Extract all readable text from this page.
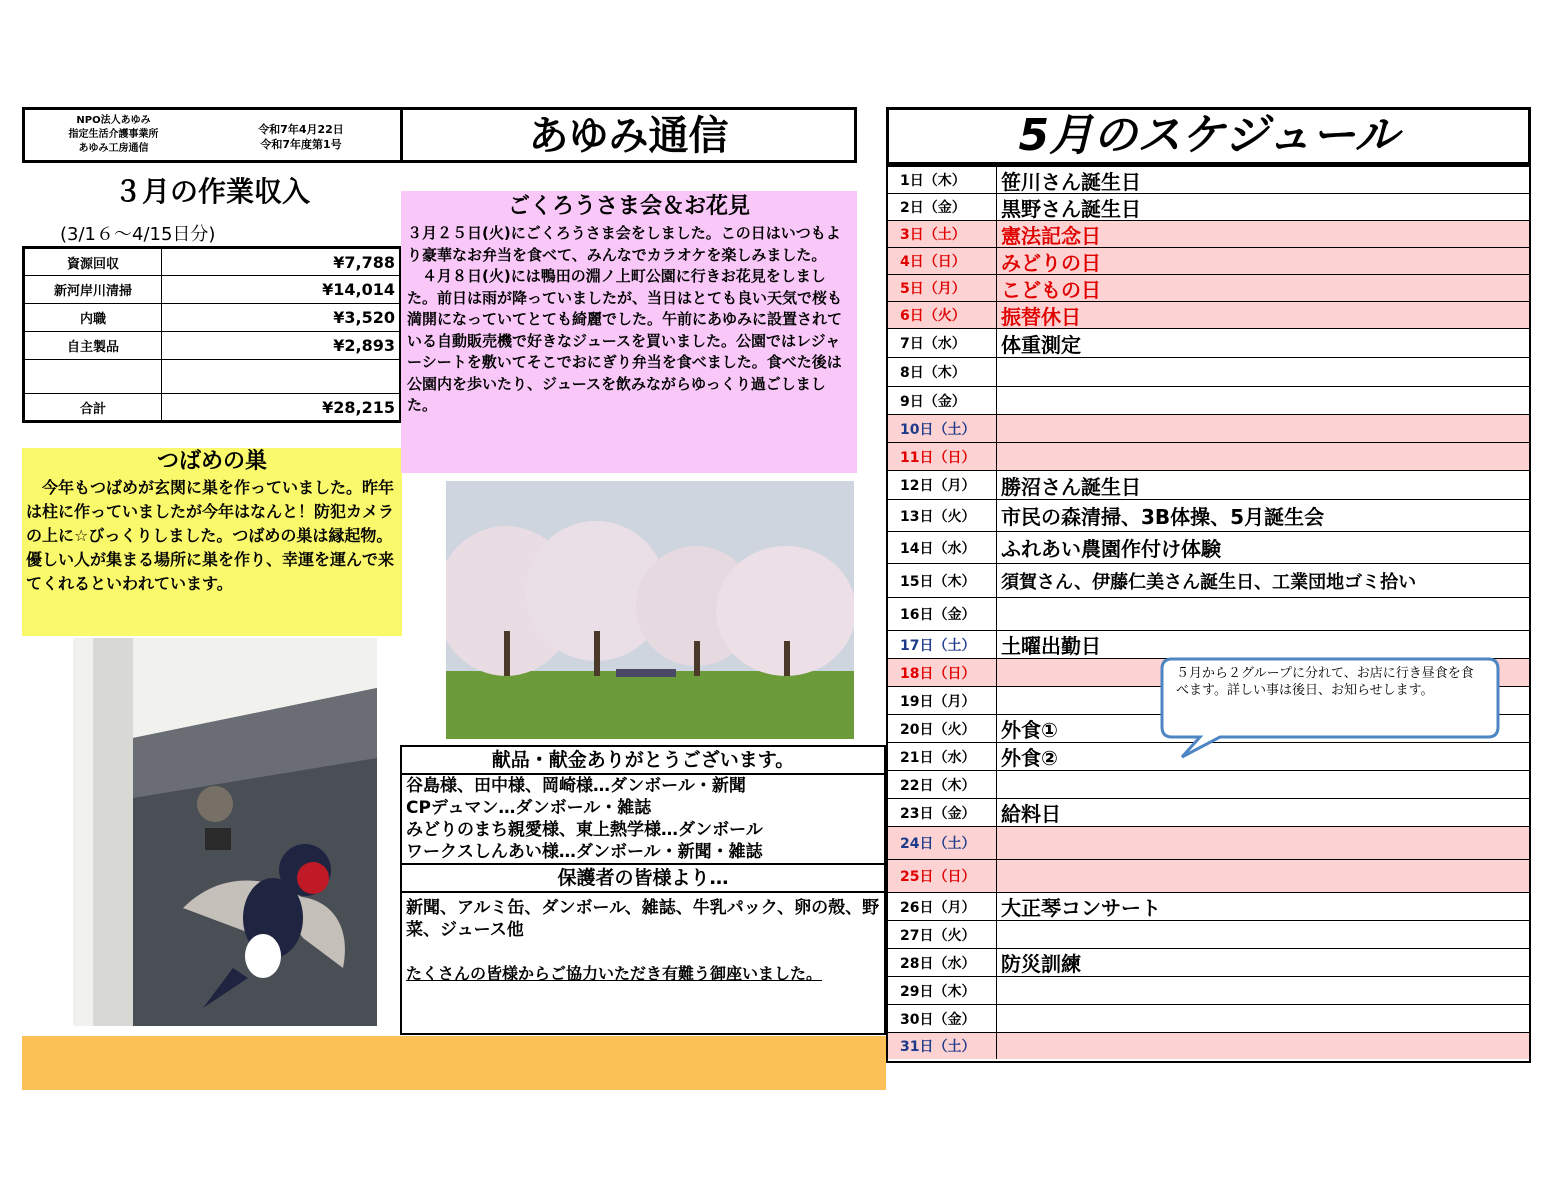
NPO法人あゆみ
指定生活介護事業所
あゆみ工房通信
令和7年4月22日
令和7年度第1号	あゆみ通信
３月の作業収入
(3/1６～4/15日分)
資源回収	¥7,788
新河岸川清掃	¥14,014
内職	¥3,520
自主製品	¥2,893

合計	¥28,215
つばめの巣
　今年もつばめが玄関に巣を作っていました。昨年は柱に作っていましたが今年はなんと！防犯カメラの上に☆びっくりしました。つばめの巣は縁起物。優しい人が集まる場所に巣を作り、幸運を運んで来てくれるといわれています。
ごくろうさま会＆お花見
３月２５日(火)にごくろうさま会をしました。この日はいつもより豪華なお弁当を食べて、みんなでカラオケを楽しみました。
　４月８日(火)には鴨田の淵ノ上町公園に行きお花見をしました。前日は雨が降っていましたが、当日はとても良い天気で桜も満開になっていてとても綺麗でした。午前にあゆみに設置されている自動販売機で好きなジュースを買いました。公園ではレジャーシートを敷いてそこでおにぎり弁当を食べました。食べた後は公園内を歩いたり、ジュースを飲みながらゆっくり過ごしました。
献品・献金ありがとうございます。
谷島様、田中様、岡崎様…ダンボール・新聞
CPデュマン…ダンボール・雑誌
みどりのまち親愛様、東上熱学様…ダンボール
ワークスしんあい様…ダンボール・新聞・雑誌
保護者の皆様より…
新聞、アルミ缶、ダンボール、雑誌、牛乳パック、卵の殻、野菜、ジュース他
たくさんの皆様からご協力いただき有難う御座いました。
5月のスケジュール
1日（木）	笹川さん誕生日
2日（金）	黒野さん誕生日
3日（土）	憲法記念日
4日（日）	みどりの日
5日（月）	こどもの日
6日（火）	振替休日
7日（水）	体重測定
8日（木）
9日（金）
10日（土）
11日（日）
12日（月）	勝沼さん誕生日
13日（火）	市民の森清掃、3B体操、5月誕生会
14日（水）	ふれあい農園作付け体験
15日（木）	須賀さん、伊藤仁美さん誕生日、工業団地ゴミ拾い
16日（金）
17日（土）	土曜出勤日
18日（日）
19日（月）
20日（火）	外食①
21日（水）	外食②
22日（木）
23日（金）	給料日
24日（土）
25日（日）
26日（月）	大正琴コンサート
27日（火）
28日（水）	防災訓練
29日（木）
30日（金）
31日（土）
５月から２グループに分れて、お店に行き昼食を食べます。詳しい事は後日、お知らせします。
